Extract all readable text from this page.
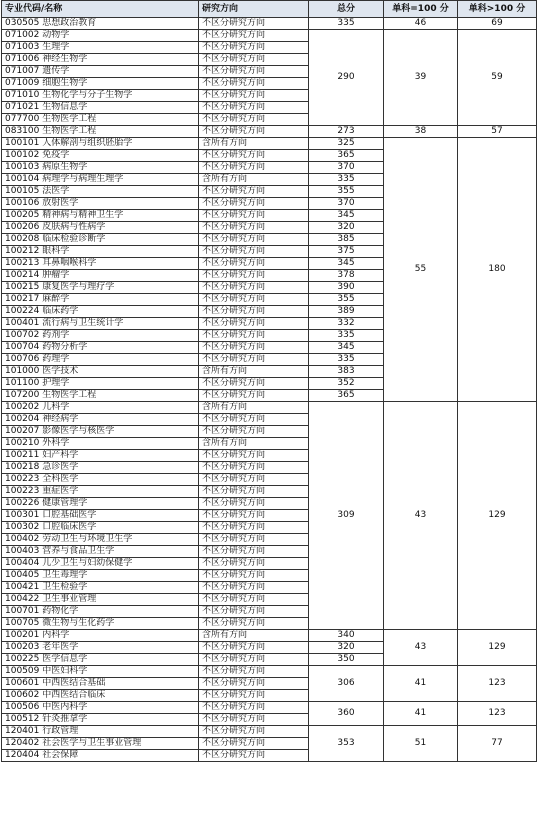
专业代码/名称	研究方向	总分	单科=100 分	单科>100 分
030505 思想政治教育	不区分研究方向	335	46	69
071002 动物学	不区分研究方向	290	39	59
071003 生理学	不区分研究方向			
071006 神经生物学	不区分研究方向			
071007 遗传学	不区分研究方向			
071009 细胞生物学	不区分研究方向			
071010 生物化学与分子生物学	不区分研究方向			
071021 生物信息学	不区分研究方向			
077700 生物医学工程	不区分研究方向			
083100 生物医学工程	不区分研究方向	273	38	57
100101 人体解剖与组织胚胎学	含所有方向	325	55	180
100102 免疫学	不区分研究方向	365		
100103 病原生物学	不区分研究方向	370		
100104 病理学与病理生理学	含所有方向	335		
100105 法医学	不区分研究方向	355		
100106 放射医学	不区分研究方向	370		
100205 精神病与精神卫生学	不区分研究方向	345		
100206 皮肤病与性病学	不区分研究方向	320		
100208 临床检验诊断学	不区分研究方向	385		
100212 眼科学	不区分研究方向	375		
100213 耳鼻咽喉科学	不区分研究方向	345		
100214 肿瘤学	不区分研究方向	378		
100215 康复医学与理疗学	不区分研究方向	390		
100217 麻醉学	不区分研究方向	355		
100224 临床药学	不区分研究方向	389		
100401 流行病与卫生统计学	不区分研究方向	332		
100702 药剂学	不区分研究方向	335		
100704 药物分析学	不区分研究方向	345		
100706 药理学	不区分研究方向	335		
101000 医学技术	含所有方向	383		
101100 护理学	不区分研究方向	352		
107200 生物医学工程	不区分研究方向	365		
100202 儿科学	含所有方向	309	43	129
100204 神经病学	不区分研究方向			
100207 影像医学与核医学	不区分研究方向			
100210 外科学	含所有方向			
100211 妇产科学	不区分研究方向			
100218 急诊医学	不区分研究方向			
100223 全科医学	不区分研究方向			
100223 重症医学	不区分研究方向			
100226 健康管理学	不区分研究方向			
100301 口腔基础医学	不区分研究方向			
100302 口腔临床医学	不区分研究方向			
100402 劳动卫生与环境卫生学	不区分研究方向			
100403 营养与食品卫生学	不区分研究方向			
100404 儿少卫生与妇幼保健学	不区分研究方向			
100405 卫生毒理学	不区分研究方向			
100421 卫生检验学	不区分研究方向			
100422 卫生事业管理	不区分研究方向			
100701 药物化学	不区分研究方向			
100705 微生物与生化药学	不区分研究方向			
100201 内科学	含所有方向	340	43	129
100203 老年医学	不区分研究方向	320		
100225 医学信息学	不区分研究方向	350		
100509 中医妇科学	不区分研究方向	306	41	123
100601 中西医结合基础	不区分研究方向			
100602 中西医结合临床	不区分研究方向			
100506 中医内科学	不区分研究方向	360	41	123
100512 针灸推拿学	不区分研究方向			
120401 行政管理	不区分研究方向	353	51	77
120402 社会医学与卫生事业管理	不区分研究方向			
120404 社会保障	不区分研究方向			
